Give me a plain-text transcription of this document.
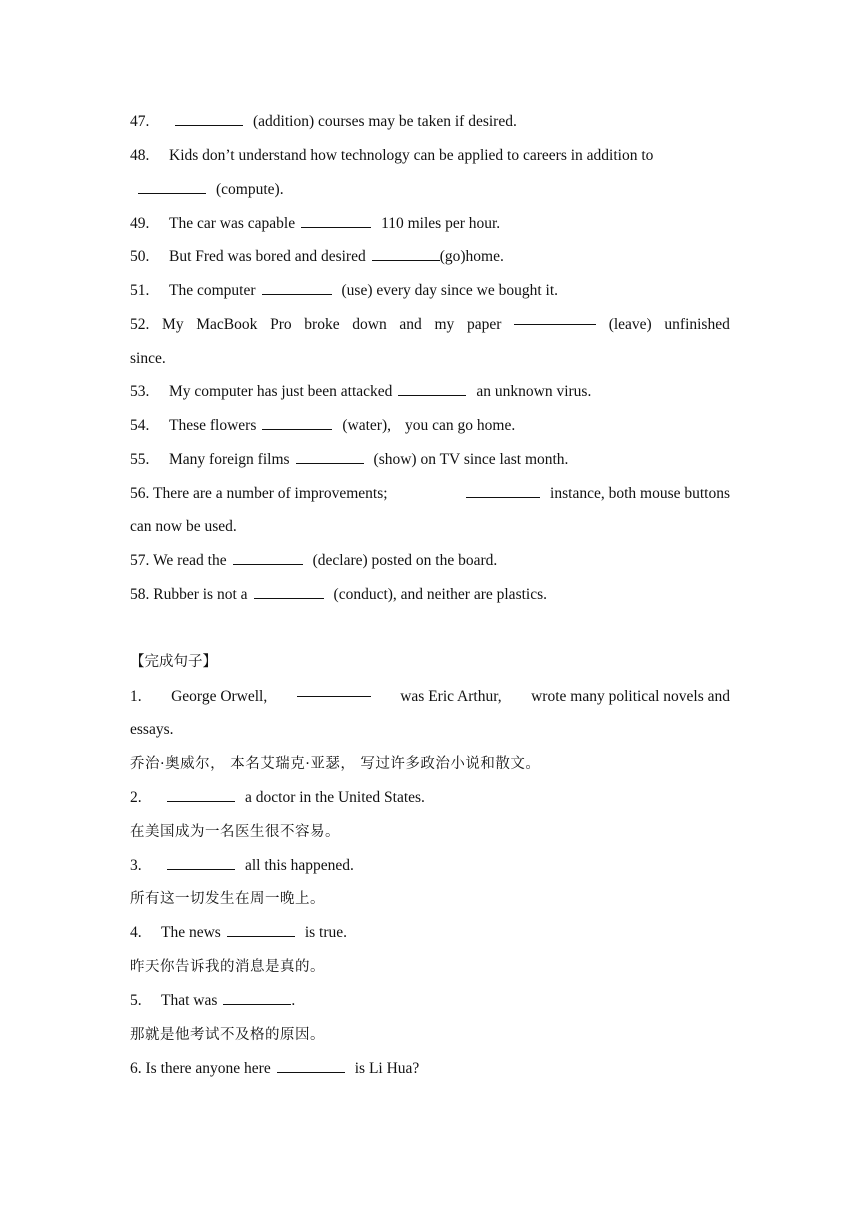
47.	(addition) courses may be taken if desired.
48. Kids don’t understand how technology can be applied to careers in addition to
(compute).
49. The car was capable	110 miles per hour.
50. But Fred was bored and desired	(go)home.
51. The computer	(use) every day since we bought it.
52. My MacBook Pro broke down and my paper	(leave) unfinished
since.
53. My computer has just been attacked	an unknown virus.
54. These flowers	(water), you can go home.
55. Many foreign films	(show) on TV since last month.
56. There are a number of improvements;	instance, both mouse buttons
can now be used.
57. We read the	(declare) posted on the board.
58. Rubber is not a	(conduct), and neither are plastics.
【完成句子】
1. George Orwell,	was Eric Arthur, wrote many political novels and
essays.
乔治·奥威尔， 本名艾瑞克·亚瑟， 写过许多政治小说和散文。
2.	a doctor in the United States.
在美国成为一名医生很不容易。
3.	all this happened.
所有这一切发生在周一晚上。
4. The news	is true.
昨天你告诉我的消息是真的。
5. That was	.
那就是他考试不及格的原因。
6. Is there anyone here	is Li Hua?
